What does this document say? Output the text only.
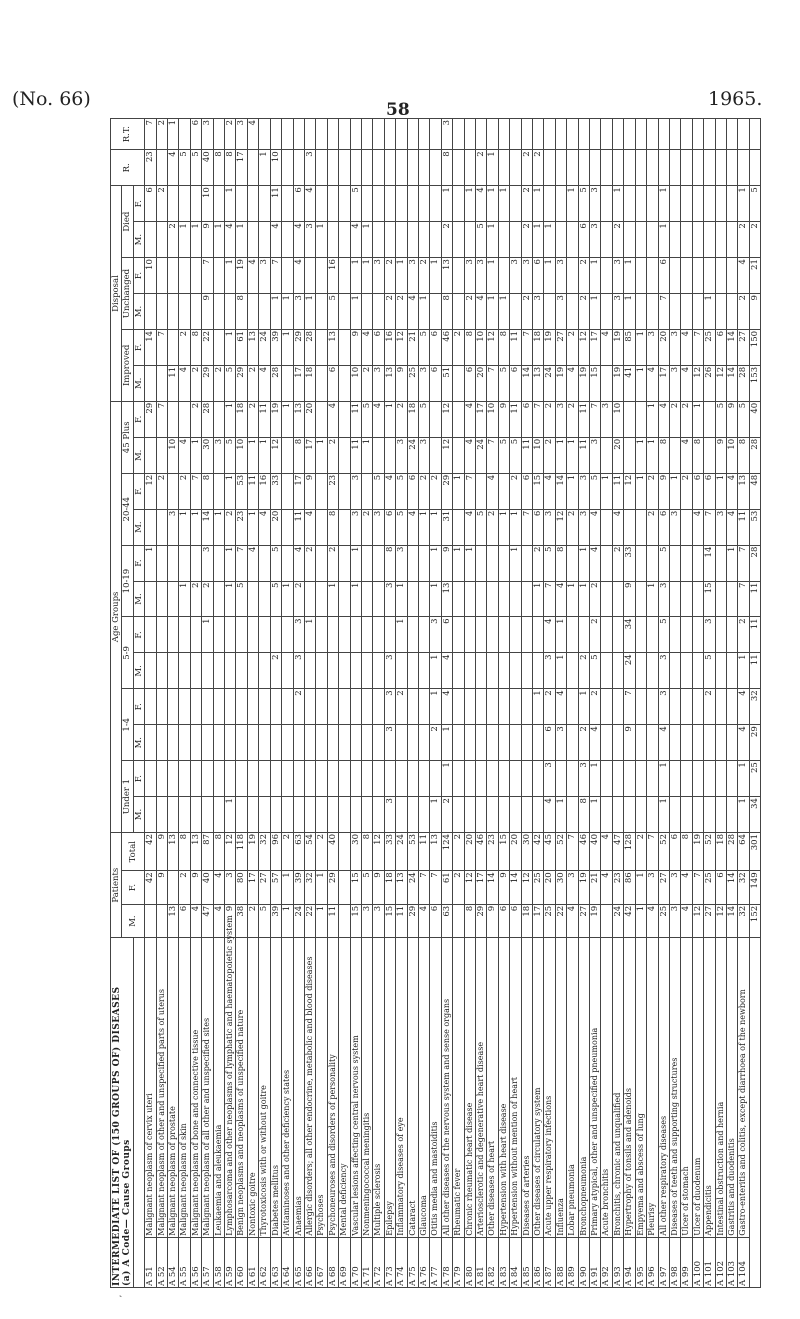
(No. 66)	58	1965.
INTERMEDIATE LIST OF (150 GROUPS OF) DISEASES
(a) A Code— Cause Groups		Patients			Age Groups												Disposal						R.	R.T.
		M.	F.	Total	Under 1		1-4		5-9		10-19		20-44		45 Plus		Improved		Unchanged		Died			
					M.	F.	M.	F.	M.	F.	M.	F.	M.	F.	M.	F.	M.	F.	M.	F.	M.	F.		
A 51	Malignant neoplasm of cervix uteri		42	42								1		12		29		14		10		6	23	7
A 52	Malignant neoplasm of other and unspecified parts of uterus		9	9										2		7		7				2		2
A 54	Malignant neoplasm of prostate	13		13									3		10		11				2		4	1
A 55	Malignant neoplasm of skin	6	2	8							1		1	2	4		4	2			1		5	
A 56	Malignant neoplasm of bone and connective tissue	4	9	13							2		1	7	1	2	2	8			1		5	6
A 57	Malignant neoplasm of all other and unspecified sites	47	40	87						1	2	3	14	8	30	28	29	22	9	7	9	10	40	3
A 58	Leukaemia and aleukaemia	4	4	8									1		3		2				1		8	
A 59	Lymphosarcoma and other neoplasms of lymphatic and haematopoietic system	9	3	12	1						1	1	2	1	5	1	5	1		1	4	1	8	2
A 60	Benign neoplasms and neoplasms of unspecified nature	38	80	118							5	7	23	53	10	18	29	61	8	19	1		17	3
A 61	Nontoxic goitre	2	17	19								4	1	11	1	2	2	13		4				4
A 62	Thyrotoxicosis with or without goitre	5	27	32									4	16	1	11	4	24		3			1	
A 63	Diabetes mellitus	39	57	96					2		5	5	20	33	12	19	28	39	1	7	4	11	10	
A 64	Avitaminoses and other deficiency states	1	1	2							1					1		1	1					
A 65	Anaemias	24	39	63				2	3	3	2	4	11	17	8	13	17	29	3	4	4	6		
A 66	Allergic disorders; all other endocrine, metabolic and blood diseases	22	32	54						1		2	4	9	17	20	18	28	1		3	4	3	
A 67	Psychoses	1	1	2											1						1			
A 68	Psychoneuroses and disorders of personality	11	29	40							1	2	8	23	2	4	6	13	5	16				
A 69	Mental deficiency																							
A 70	Vascular lesions affecting central nervous system	15	15	30							1	1	3	3	11	11	10	9	1	1	4	5		
A 71	Nonmeningococcal meningitis	3	5	8									2		1	5	2	4		1	1			
A 72	Multiple sclerosis	3	9	12									3	5		4	3	6		3				
A 73	Epilepsy	15	18	33	3		3	3	3		3	8	6	4		1	13	16	2	2				
A 74	Inflammatory diseases of eye	11	13	24				2		1	1	3	5	5	3	2	9	12	2	1				
A 75	Cataract	29	24	53									4	6	24	18	25	21	4	3				
A 76	Glaucoma	4	7	11									1	2	3	5	3	5	1	2				
A 77	Otitis media and mastoiditis	6	7	13	1		2	1	1	3	1	1	1	2			6	6		1				
A 78	All other diseases of the nervous system and sense organs	63	61	124	2	1	1	4	4	6	13	9	31	29	12	12	51	46	8	13	2	1	8	3
A 79	Rheumatic fever		2	2								1		1				2						
A 80	Chronic rheumatic heart disease	8	12	20								1	4	7	4	4	6	8	2	3		1		
A 81	Arteriosclerotic and degenerative heart disease	29	17	46									5		24	17	20	10	4	3	5	4	2	
A 82	Other diseases of heart	9	14	23									2	4	7	10	7	12	1	1	1	1	1	
A 83	Hypertension with heart disease	6	9	15									1		5	9	5	8	1			1		
A 84	Hypertension without mention of heart	6	14	20								1	1	2	5	11	6	11		3				
A 85	Diseases of arteries	18	12	30									7	6	11	6	14	7	2	3	2	2	2	
A 86	Other diseases of circulatory system	17	25	42				1			1	2	6	15	10	7	13	18	3	6	1	1	2	
A 87	Acute upper respiratory infections	25	20	45	4	3	6	2	3	4	7	5	3	4	2	2	24	19		1	1			
A 88	Influenza	22	30	52	1		3	4	1	1	4	8	12	14	1	3	19	27	3	3				
A 89	Lobar pneumonia	4	3	7							1		2	1	1	2	4	2				1		
A 90	Bronchopneumonia	27	19	46	8	3	2	1	2		1	1	3	3	11	11	19	12	2	2	6	5		
A 91	Primary atypical, other and unspecified pneumonia	19	21	40	1	1	4	2	5	2	2	4	4	5	3	7	15	17	1	1	3	3		
A 92	Acute bronchitis		4	4										1		3		4						
A 93	Bronchitis, chronic and unqualified	24	23	47								2	4	11	20	10	19	19	3	3	2	1		
A 94	Hypertrophy of tonsils and adenoids	42	86	128			9	7	24	34	9	33		12			41	85	1	1				
A 95	Empyema and abscess of lung	1	1	2										1	1		1	1						
A 96	Pleurisy	4	3	7							1		2	2	1	1	4	3						
A 97	All other respiratory diseases	25	27	52	1	1	4	3	3	5	3	5	6	9	8	4	17	20	7	6	1	1		
A 98	Diseases of teeth and supporting structures	3	3	6									3	1		2	3	3						
A 99	Ulcer of stomach	4	4	8										2	4	2	4	4						
A 100	Ulcer of duodenum	12	7	19									4	6	8	1	12	7						
A 101	Appendicitis	27	25	52				2	5	3	15	14	7	6			26	25	1					
A 102	Intestinal obstruction and hernia	12	6	18									3	1	9	5	12	6						
A 103	Gastritis and duodenitis	14	14	28								1	4	4	10	9	14	14						
A 104	Gastro-enteritis and colitis, except diarrhoea of the newborn	32	32	64	1	1	4	4	1	2	7	7	11	13	8	5	28	27	2	4	2	1		
		152	149	301	34	25	29	32	11	11	11	28	53	48	28	40	153	150	9	21	2	5		
